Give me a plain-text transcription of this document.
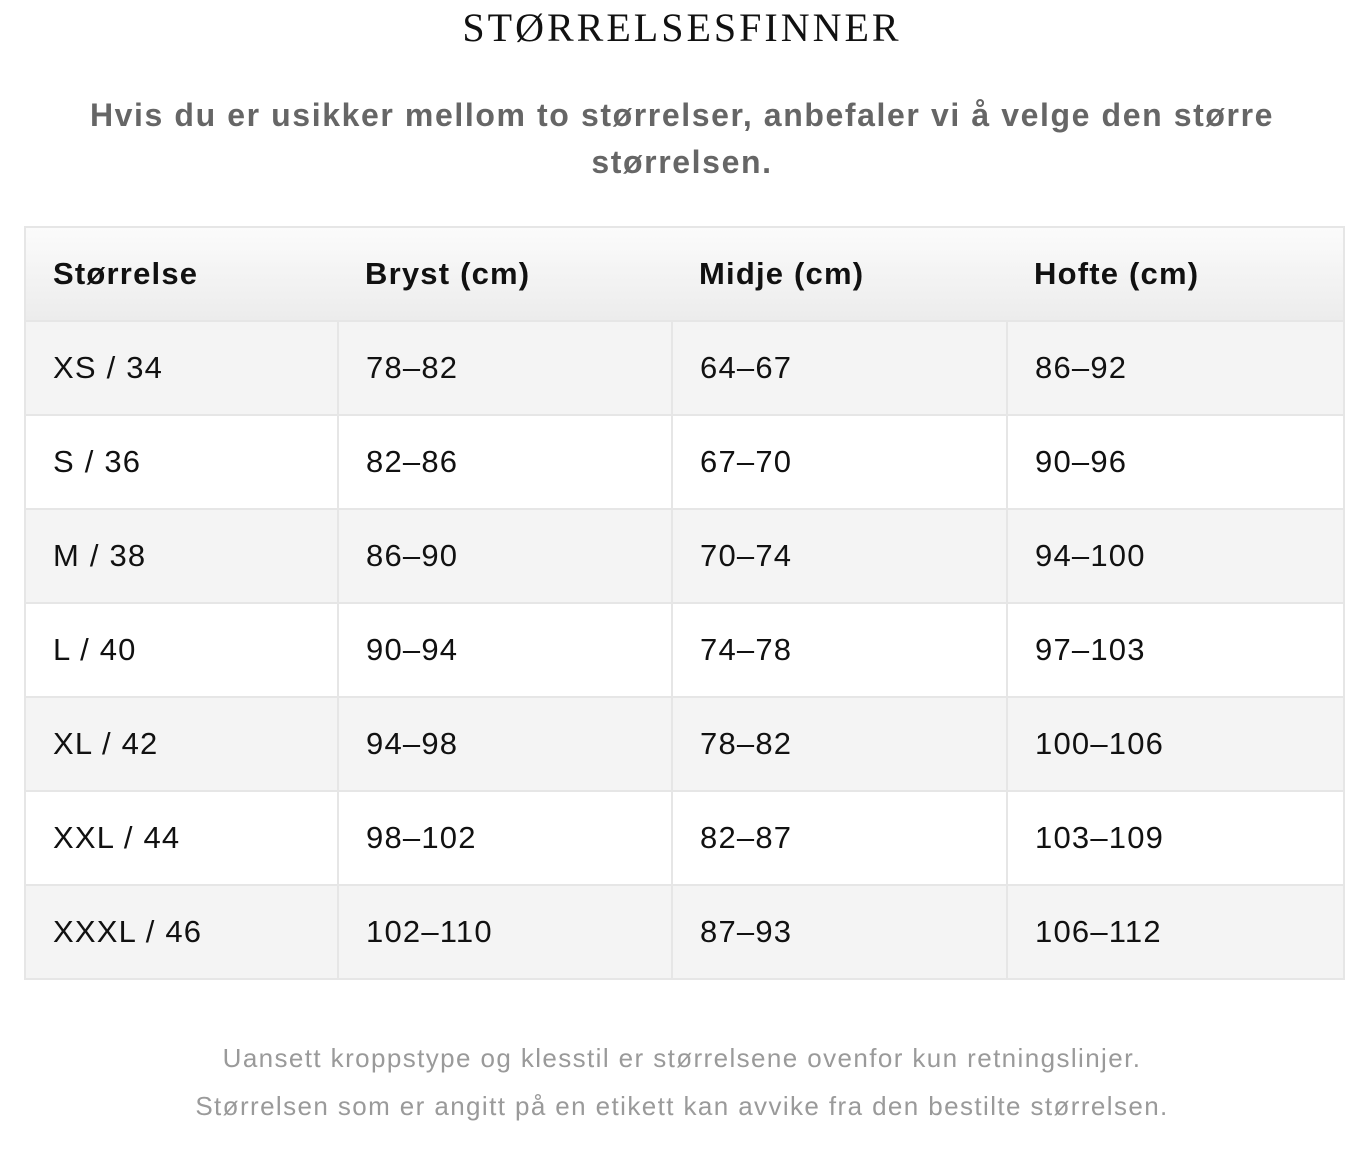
STØRRELSESFINNER
Hvis du er usikker mellom to størrelser, anbefaler vi å velge den større størrelsen.
Størrelse	Bryst (cm)	Midje (cm)	Hofte (cm)
XS / 34	78–82	64–67	86–92
S / 36	82–86	67–70	90–96
M / 38	86–90	70–74	94–100
L / 40	90–94	74–78	97–103
XL / 42	94–98	78–82	100–106
XXL / 44	98–102	82–87	103–109
XXXL / 46	102–110	87–93	106–112
Uansett kroppstype og klesstil er størrelsene ovenfor kun retningslinjer.
Størrelsen som er angitt på en etikett kan avvike fra den bestilte størrelsen.
